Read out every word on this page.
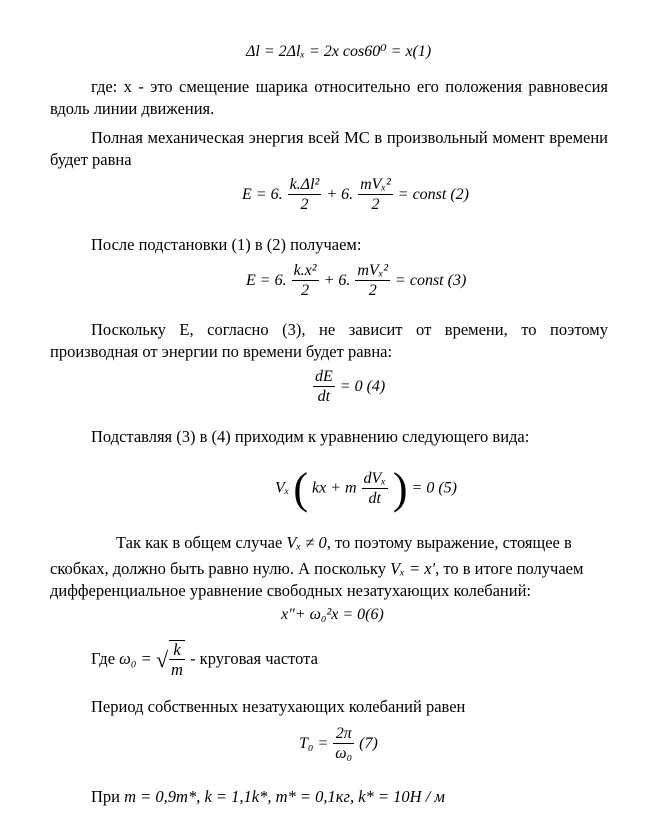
Δl = 2Δlₓ = 2x cos60⁰ = x(1)
где: x - это смещение шарика относительно его положения равновесия
вдоль линии движения.
Полная механическая энергия всей МС в произвольный момент времени
будет равна
E = 6. $\frac{\text{k.Δl²}}{2} + 6$. $\frac{\text{mVₓ²}}{2}$ = const (2)
После подстановки (1) в (2) получаем:
E = 6. $\frac{\text{k.x²}}{2} + 6$. $\frac{\text{mVₓ²}}{2}$ = const (3)
Поскольку Е, согласно (3), не зависит от времени, то поэтому
производная от энергии по времени будет равна:
$\frac{dE}{dt} = 0$ (4)
Подставляя (3) в (4) приходим к уравнению следующего вида:
Vₓ ( kx + m $\frac{\text{dVₓ}}{dt}$ ) = 0 (5)
Так как в общем случае Vₓ ≠ 0, то поэтому выражение, стоящее в
скобках, должно быть равно нулю. А поскольку Vₓ = x', то в итоге получаем
дифференциальное уравнение свободных незатухающих колебаний:
x"+ ω₀²x = 0(6)
Где ω₀ = √ $\frac{k}{m}$ - круговая частота
Период собственных незатухающих колебаний равен
$T_0 = \frac{2\pi}{\text{ω₀}} (7)$
При m = 0,9m*, k = 1,1k*, m* = 0,1кг, k* = 10Н / м
